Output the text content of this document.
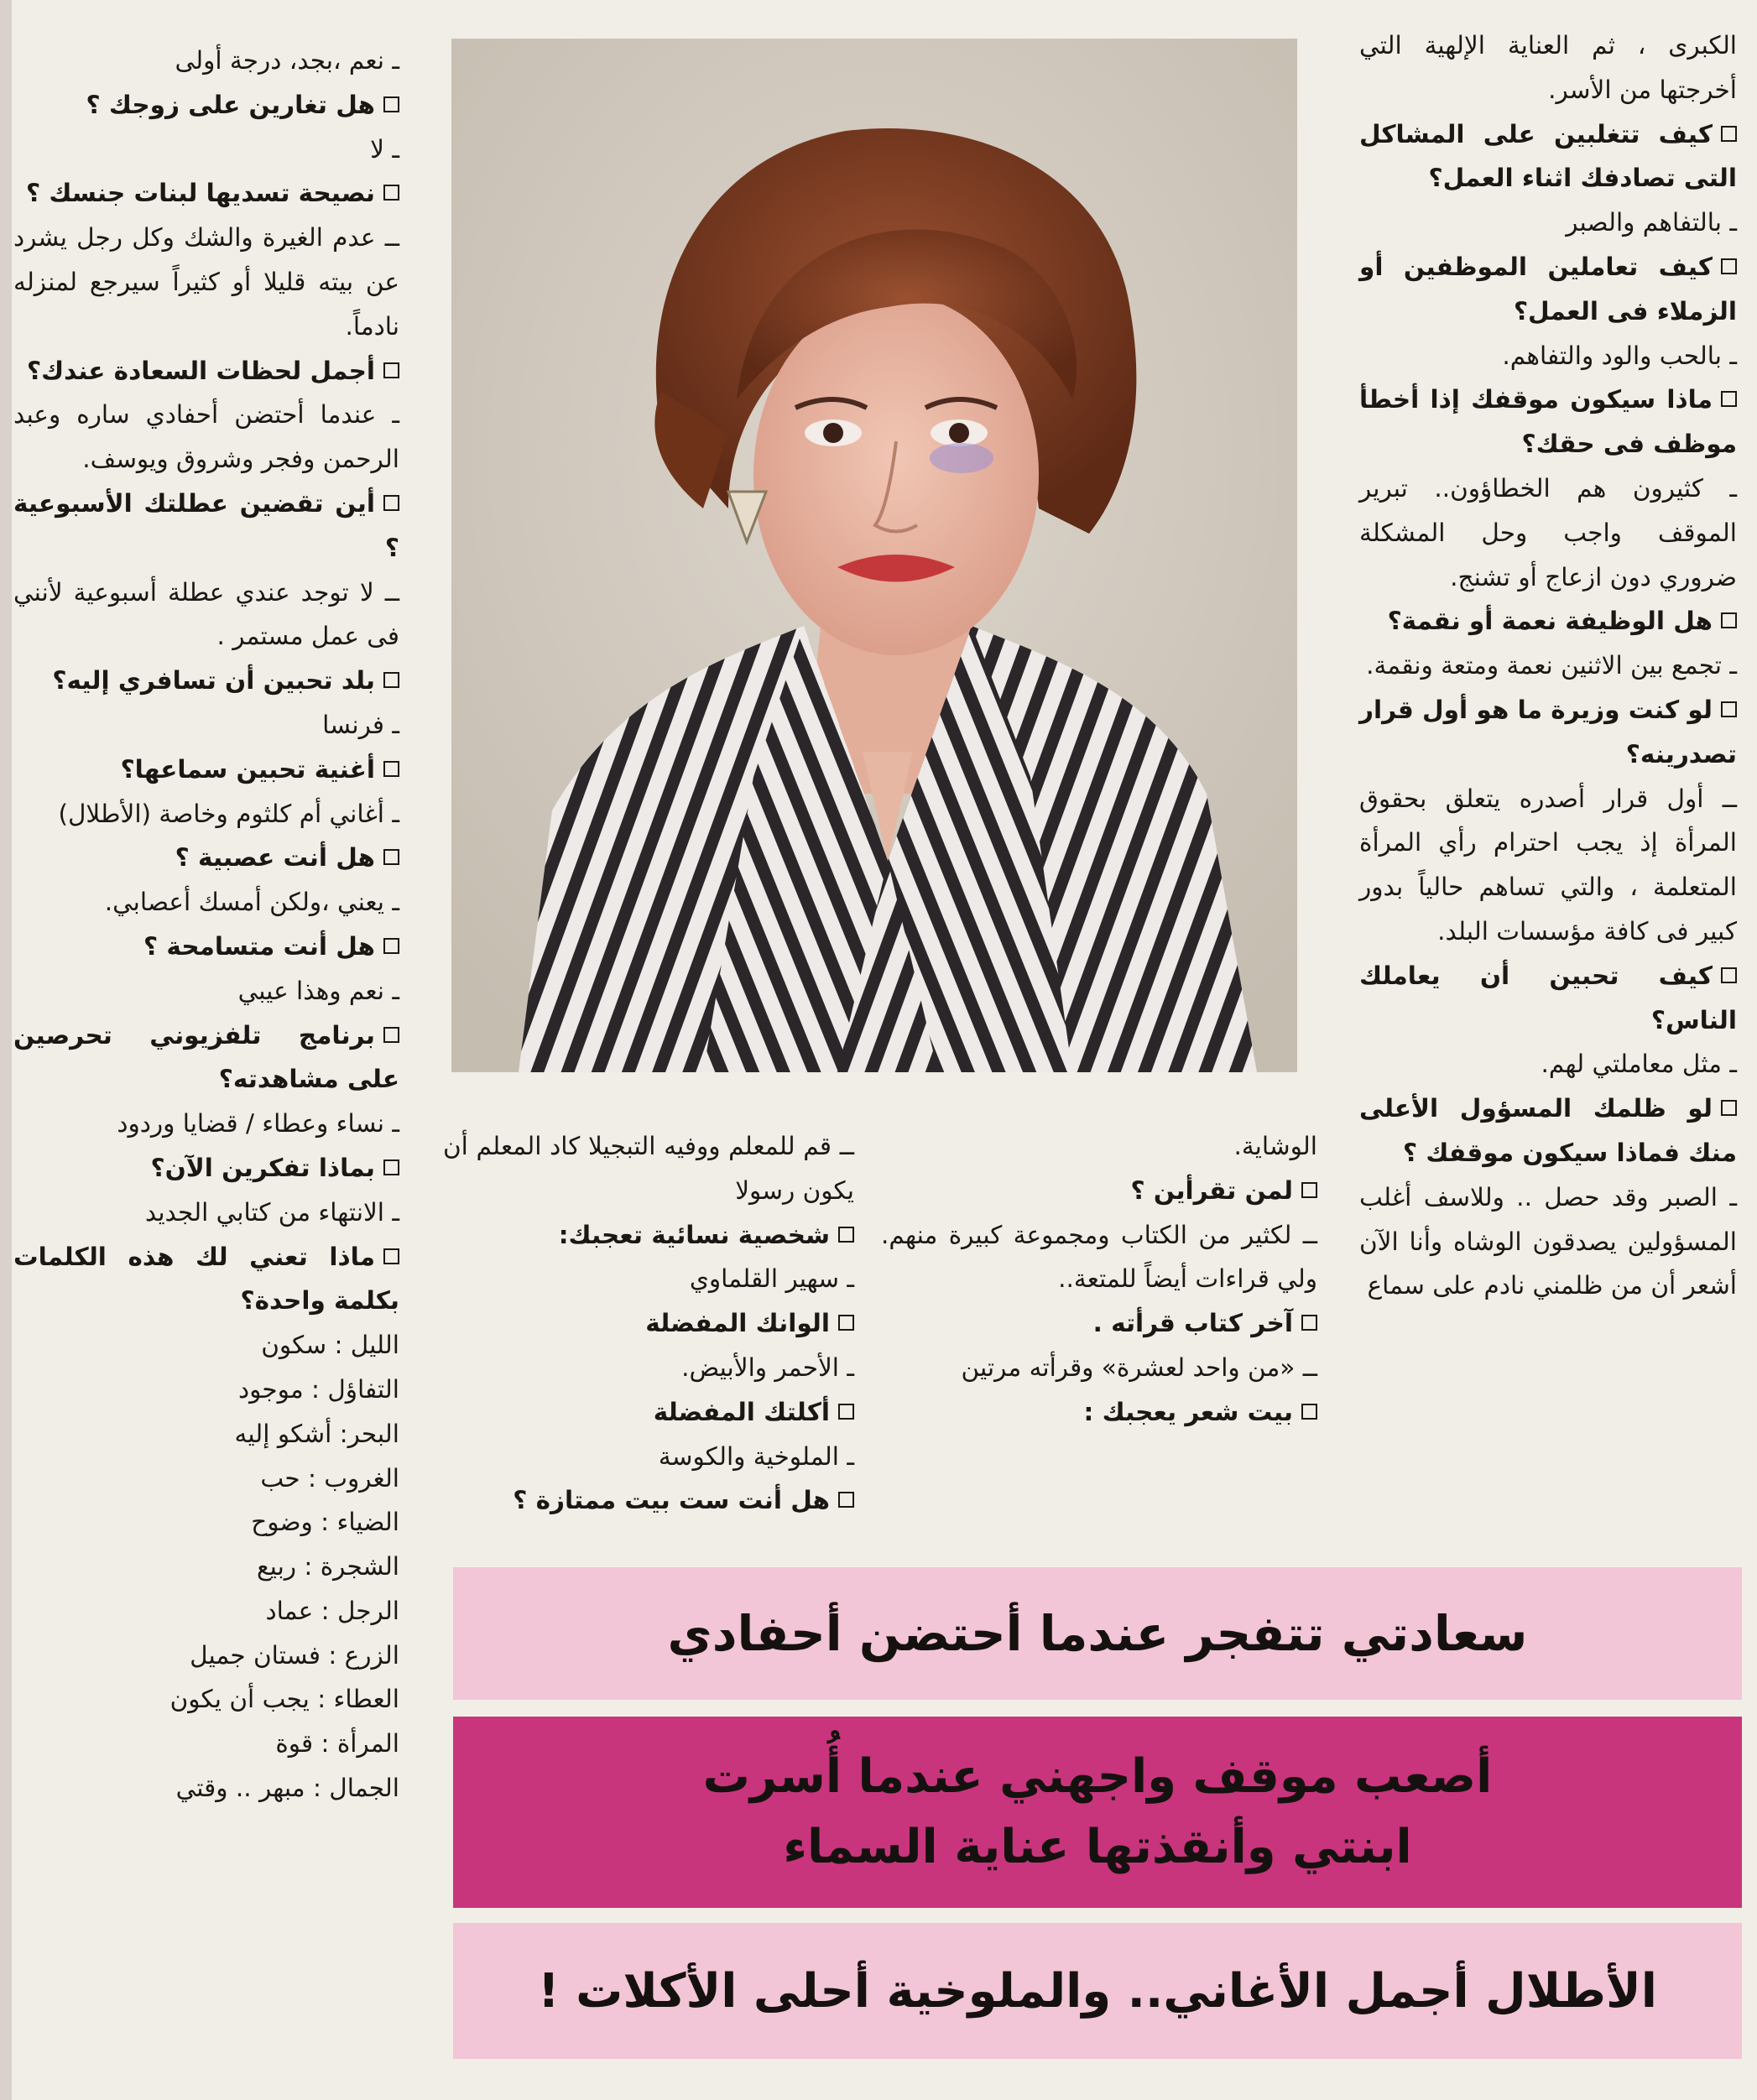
الكبرى ، ثم العناية الإلهية التي أخرجتها من الأسر.

كيف تتغلبين على المشاكل التى تصادفك اثناء العمل؟

ـ بالتفاهم والصبر

كيف تعاملين الموظفين أو الزملاء فى العمل؟

ـ بالحب والود والتفاهم.

ماذا سيكون موقفك إذا أخطأ موظف فى حقك؟

ـ كثيرون هم الخطاؤون.. تبرير الموقف واجب وحل المشكلة ضروري دون ازعاج أو تشنج.

هل الوظيفة نعمة أو نقمة؟

ـ تجمع بين الاثنين نعمة ومتعة ونقمة.

لو كنت وزيرة ما هو أول قرار تصدرينه؟

ــ أول قرار أصدره يتعلق بحقوق المرأة إذ يجب احترام رأي المرأة المتعلمة ، والتي تساهم حالياً بدور كبير فى كافة مؤسسات البلد.

كيف تحبين أن يعاملك الناس؟

ـ مثل معاملتي لهم.

لو ظلمك المسؤول الأعلى منك فماذا سيكون موقفك ؟

ـ الصبر وقد حصل .. وللاسف أغلب المسؤولين يصدقون الوشاه وأنا الآن أشعر أن من ظلمني نادم على سماع

الوشاية.

لمن تقرأين ؟

ــ لكثير من الكتاب ومجموعة كبيرة منهم. ولي قراءات أيضاً للمتعة..

آخر كتاب قرأته .

ــ «من واحد لعشرة» وقرأته مرتين

بيت شعر يعجبك :

ــ قم للمعلم ووفيه التبجيلا كاد المعلم أن يكون رسولا

شخصية نسائية تعجبك:

ـ سهير القلماوي

الوانك المفضلة

ـ الأحمر والأبيض.

أكلتك المفضلة

ـ الملوخية والكوسة

هل أنت ست بيت ممتازة ؟

ـ نعم ،بجد، درجة أولى

هل تغارين على زوجك ؟

ـ لا

نصيحة تسديها لبنات جنسك ؟

ــ عدم الغيرة والشك وكل رجل يشرد عن بيته قليلا أو كثيراً سيرجع لمنزله نادماً.

أجمل لحظات السعادة عندك؟

ـ عندما أحتضن أحفادي ساره وعبد الرحمن وفجر وشروق ويوسف.

أين تقضين عطلتك الأسبوعية ؟

ــ لا توجد عندي عطلة أسبوعية لأنني فى عمل مستمر .

بلد تحبين أن تسافري إليه؟

ـ فرنسا

أغنية تحبين سماعها؟

ـ أغاني أم كلثوم وخاصة (الأطلال)

هل أنت عصبية ؟

ـ يعني ،ولكن أمسك أعصابي.

هل أنت متسامحة ؟

ـ نعم وهذا عيبي

برنامج تلفزيوني تحرصين على مشاهدته؟

ـ نساء وعطاء / قضايا وردود

بماذا تفكرين الآن؟

ـ الانتهاء من كتابي الجديد

ماذا تعني لك هذه الكلمات بكلمة واحدة؟

الليل : سكون

التفاؤل : موجود

البحر: أشكو إليه

الغروب : حب

الضياء : وضوح

الشجرة : ربيع

الرجل : عماد

الزرع : فستان جميل

العطاء : يجب أن يكون

المرأة : قوة

الجمال : مبهر .. وقتي

سعادتي تتفجر عندما أحتضن أحفادي
أصعب موقف واجهني عندما أُسرت
ابنتي وأنقذتها عناية السماء
الأطلال أجمل الأغاني.. والملوخية أحلى الأكلات !
